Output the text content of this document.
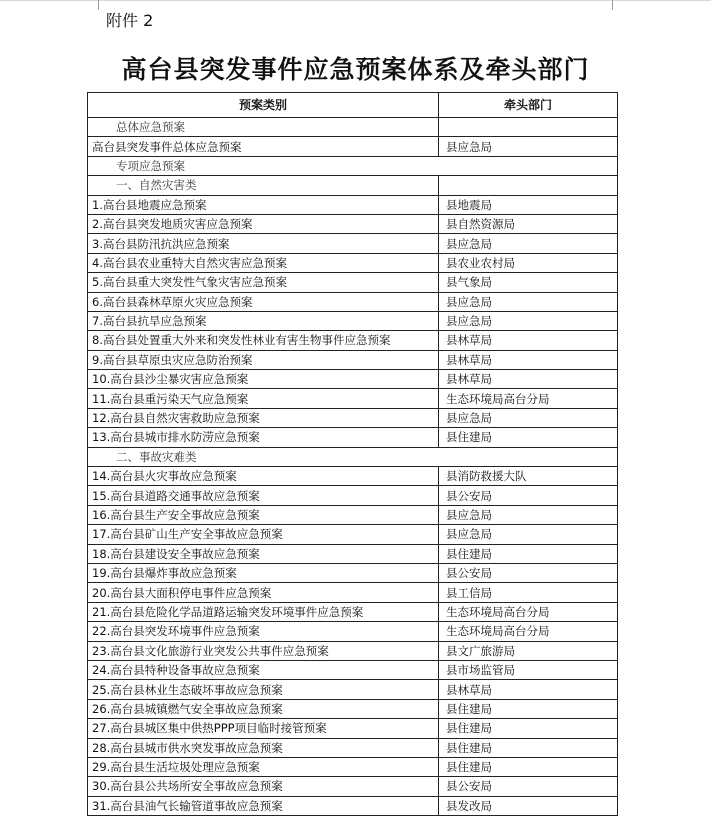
附件 2
高台县突发事件应急预案体系及牵头部门
预案类别	牵头部门
总体应急预案	
高台县突发事件总体应急预案	县应急局
专项应急预案	
一、自然灾害类	
1.高台县地震应急预案	县地震局
2.高台县突发地质灾害应急预案	县自然资源局
3.高台县防汛抗洪应急预案	县应急局
4.高台县农业重特大自然灾害应急预案	县农业农村局
5.高台县重大突发性气象灾害应急预案	县气象局
6.高台县森林草原火灾应急预案	县应急局
7.高台县抗旱应急预案	县应急局
8.高台县处置重大外来和突发性林业有害生物事件应急预案	县林草局
9.高台县草原虫灾应急防治预案	县林草局
10.高台县沙尘暴灾害应急预案	县林草局
11.高台县重污染天气应急预案	生态环境局高台分局
12.高台县自然灾害救助应急预案	县应急局
13.高台县城市排水防涝应急预案	县住建局
二、事故灾难类	
14.高台县火灾事故应急预案	县消防救援大队
15.高台县道路交通事故应急预案	县公安局
16.高台县生产安全事故应急预案	县应急局
17.高台县矿山生产安全事故应急预案	县应急局
18.高台县建设安全事故应急预案	县住建局
19.高台县爆炸事故应急预案	县公安局
20.高台县大面积停电事件应急预案	县工信局
21.高台县危险化学品道路运输突发环境事件应急预案	生态环境局高台分局
22.高台县突发环境事件应急预案	生态环境局高台分局
23.高台县文化旅游行业突发公共事件应急预案	县文广旅游局
24.高台县特种设备事故应急预案	县市场监管局
25.高台县林业生态破坏事故应急预案	县林草局
26.高台县城镇燃气安全事故应急预案	县住建局
27.高台县城区集中供热PPP项目临时接管预案	县住建局
28.高台县城市供水突发事故应急预案	县住建局
29.高台县生活垃圾处理应急预案	县住建局
30.高台县公共场所安全事故应急预案	县公安局
31.高台县油气长输管道事故应急预案	县发改局
